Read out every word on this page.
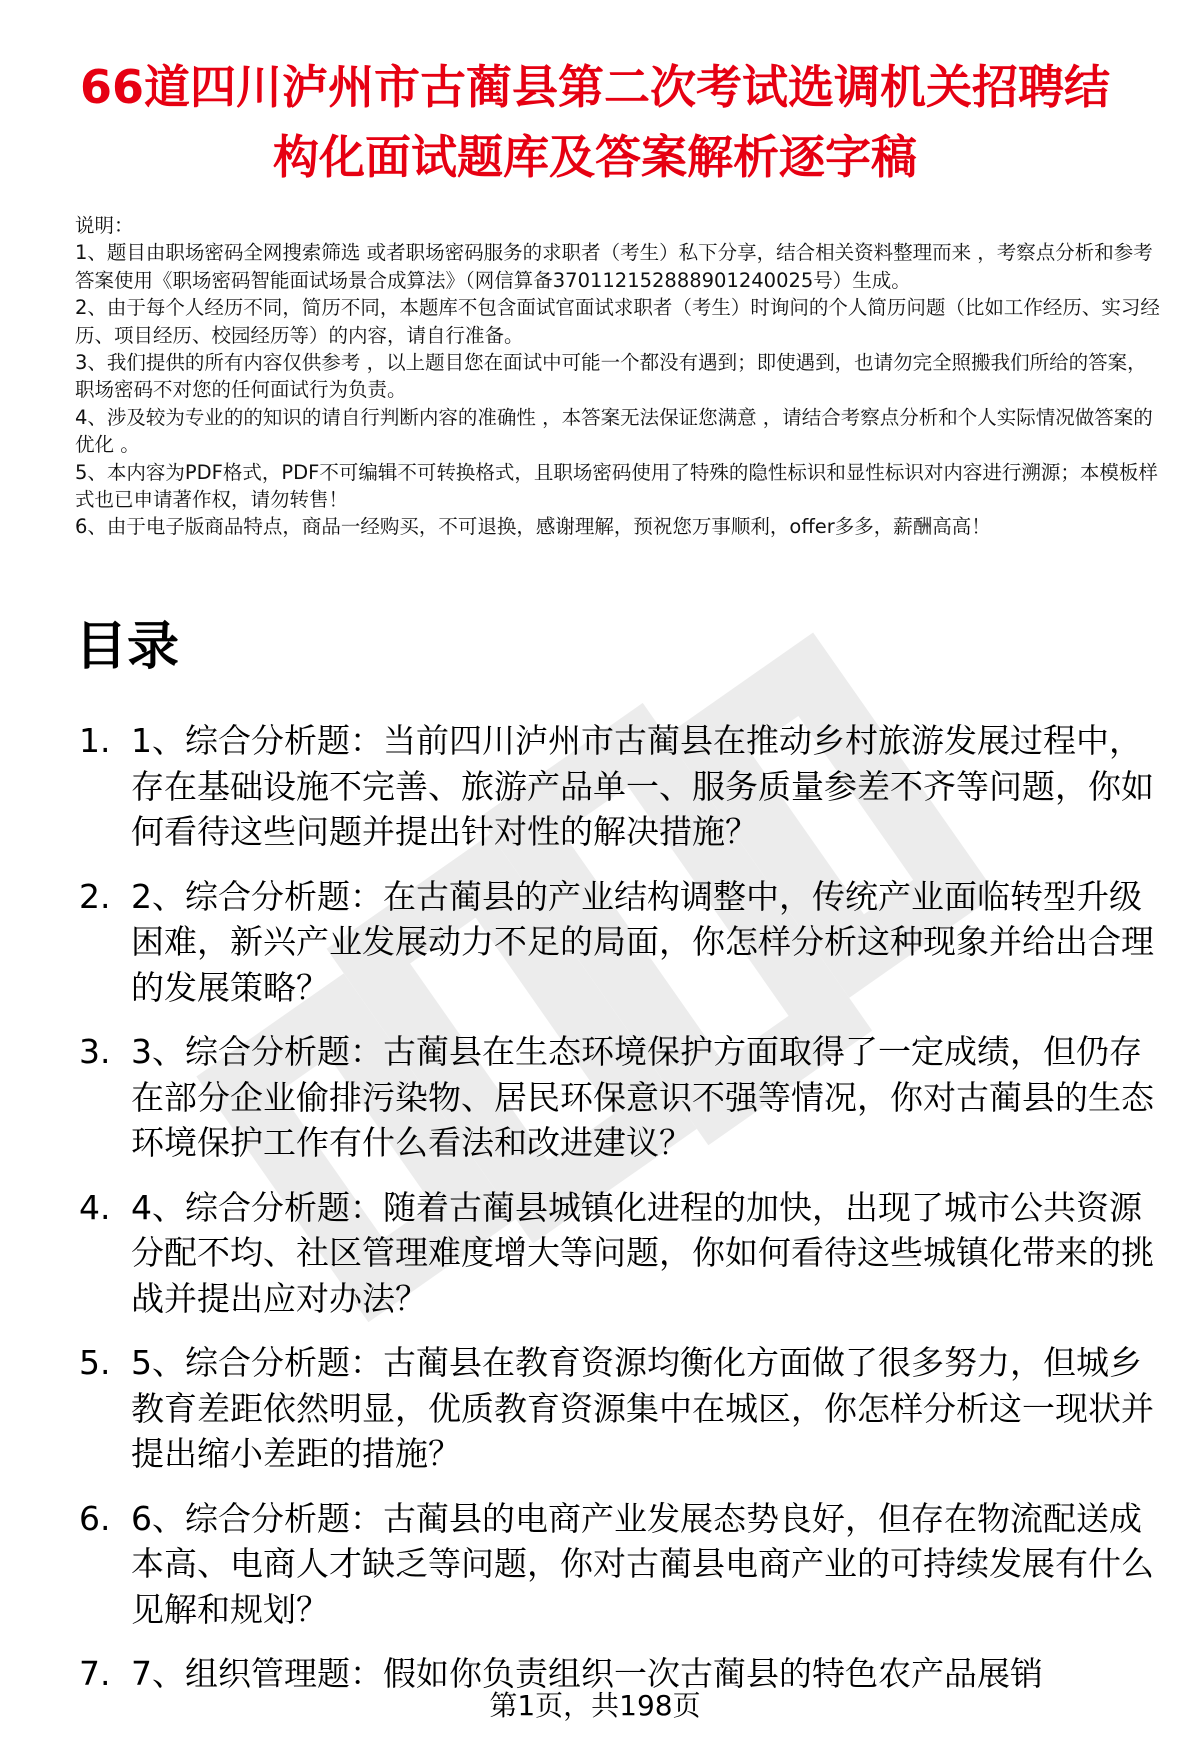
66道四川泸州市古蔺县第二次考试选调机关招聘结构化面试题库及答案解析逐字稿

说明：

1、题目由职场密码全网搜索筛选 或者职场密码服务的求职者（考生）私下分享，结合相关资料整理而来 ，考察点分析和参考答案使用《职场密码智能面试场景合成算法》（网信算备370112152888901240025号）生成。

2、由于每个人经历不同，简历不同，本题库不包含面试官面试求职者（考生）时询问的个人简历问题（比如工作经历、实习经历、项目经历、校园经历等）的内容，请自行准备。

3、我们提供的所有内容仅供参考 ，以上题目您在面试中可能一个都没有遇到；即使遇到，也请勿完全照搬我们所给的答案，职场密码不对您的任何面试行为负责。

4、涉及较为专业的的知识的请自行判断内容的准确性 ，本答案无法保证您满意 ，请结合考察点分析和个人实际情况做答案的优化 。

5、本内容为PDF格式，PDF不可编辑不可转换格式，且职场密码使用了特殊的隐性标识和显性标识对内容进行溯源；本模板样式也已申请著作权，请勿转售！

6、由于电子版商品特点，商品一经购买，不可退换，感谢理解，预祝您万事顺利，offer多多，薪酬高高！

目录
1. 1、综合分析题：当前四川泸州市古蔺县在推动乡村旅游发展过程中，存在基础设施不完善、旅游产品单一、服务质量参差不齐等问题，你如何看待这些问题并提出针对性的解决措施？
2. 2、综合分析题：在古蔺县的产业结构调整中，传统产业面临转型升级困难，新兴产业发展动力不足的局面，你怎样分析这种现象并给出合理的发展策略？
3. 3、综合分析题：古蔺县在生态环境保护方面取得了一定成绩，但仍存在部分企业偷排污染物、居民环保意识不强等情况，你对古蔺县的生态环境保护工作有什么看法和改进建议？
4. 4、综合分析题：随着古蔺县城镇化进程的加快，出现了城市公共资源分配不均、社区管理难度增大等问题，你如何看待这些城镇化带来的挑战并提出应对办法？
5. 5、综合分析题：古蔺县在教育资源均衡化方面做了很多努力，但城乡教育差距依然明显，优质教育资源集中在城区，你怎样分析这一现状并提出缩小差距的措施？
6. 6、综合分析题：古蔺县的电商产业发展态势良好，但存在物流配送成本高、电商人才缺乏等问题，你对古蔺县电商产业的可持续发展有什么见解和规划？
7. 7、组织管理题：假如你负责组织一次古蔺县的特色农产品展销
第1页，共198页
